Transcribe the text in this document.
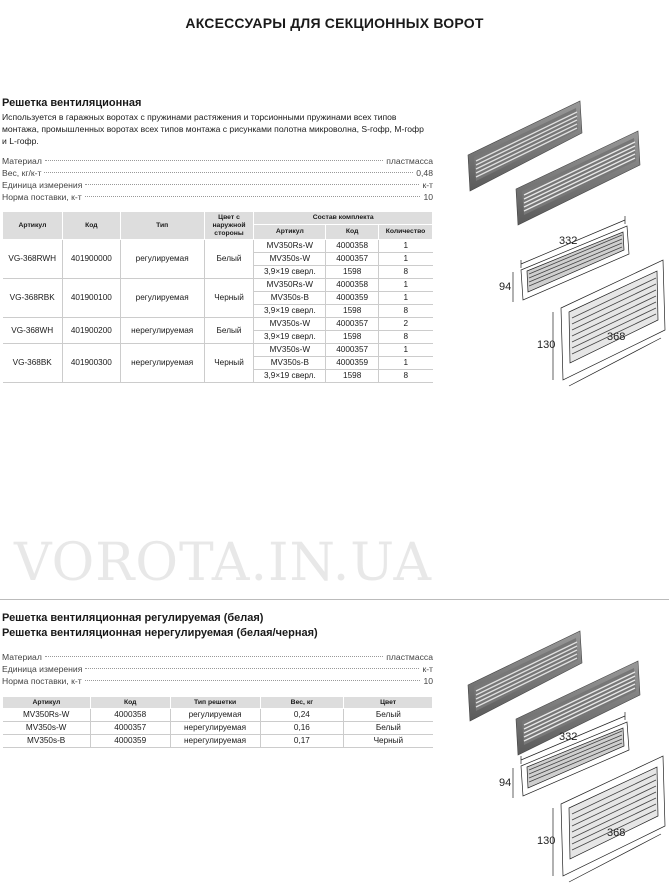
АКСЕССУАРЫ ДЛЯ СЕКЦИОННЫХ ВОРОТ
Решетка вентиляционная
Используется в гаражных воротах с пружинами растяжения и торсионными пружинами всех типов монтажа, промышленных воротах всех типов монтажа с рисунками полотна микроволна, S-гофр, M-гофр и L-гофр.
Материал	пластмасса
Вес, кг/к-т	0,48
Единица измерения	к-т
Норма поставки, к-т	10
Артикул	Код	Тип	Цвет с наружной стороны	Состав комплекта		
				Артикул	Код	Количество
VG-368RWH	401900000	регулируемая	Белый	MV350Rs-W	4000358	1
				MV350s-W	4000357	1
				3,9×19 сверл.	1598	8
VG-368RBK	401900100	регулируемая	Черный	MV350Rs-W	4000358	1
				MV350s-B	4000359	1
				3,9×19 сверл.	1598	8
VG-368WH	401900200	нерегулируемая	Белый	MV350s-W	4000357	2
				3,9×19 сверл.	1598	8
VG-368BK	401900300	нерегулируемая	Черный	MV350s-W	4000357	1
				MV350s-B	4000359	1
				3,9×19 сверл.	1598	8
332
94
130
368
VOROTA.IN.UA
Решетка вентиляционная регулируемая (белая)
Решетка вентиляционная нерегулируемая (белая/черная)
Материал	пластмасса
Единица измерения	к-т
Норма поставки, к-т	10
Артикул	Код	Тип решетки	Вес, кг	Цвет
MV350Rs-W	4000358	регулируемая	0,24	Белый
MV350s-W	4000357	нерегулируемая	0,16	Белый
MV350s-B	4000359	нерегулируемая	0,17	Черный	332
94
130
368
